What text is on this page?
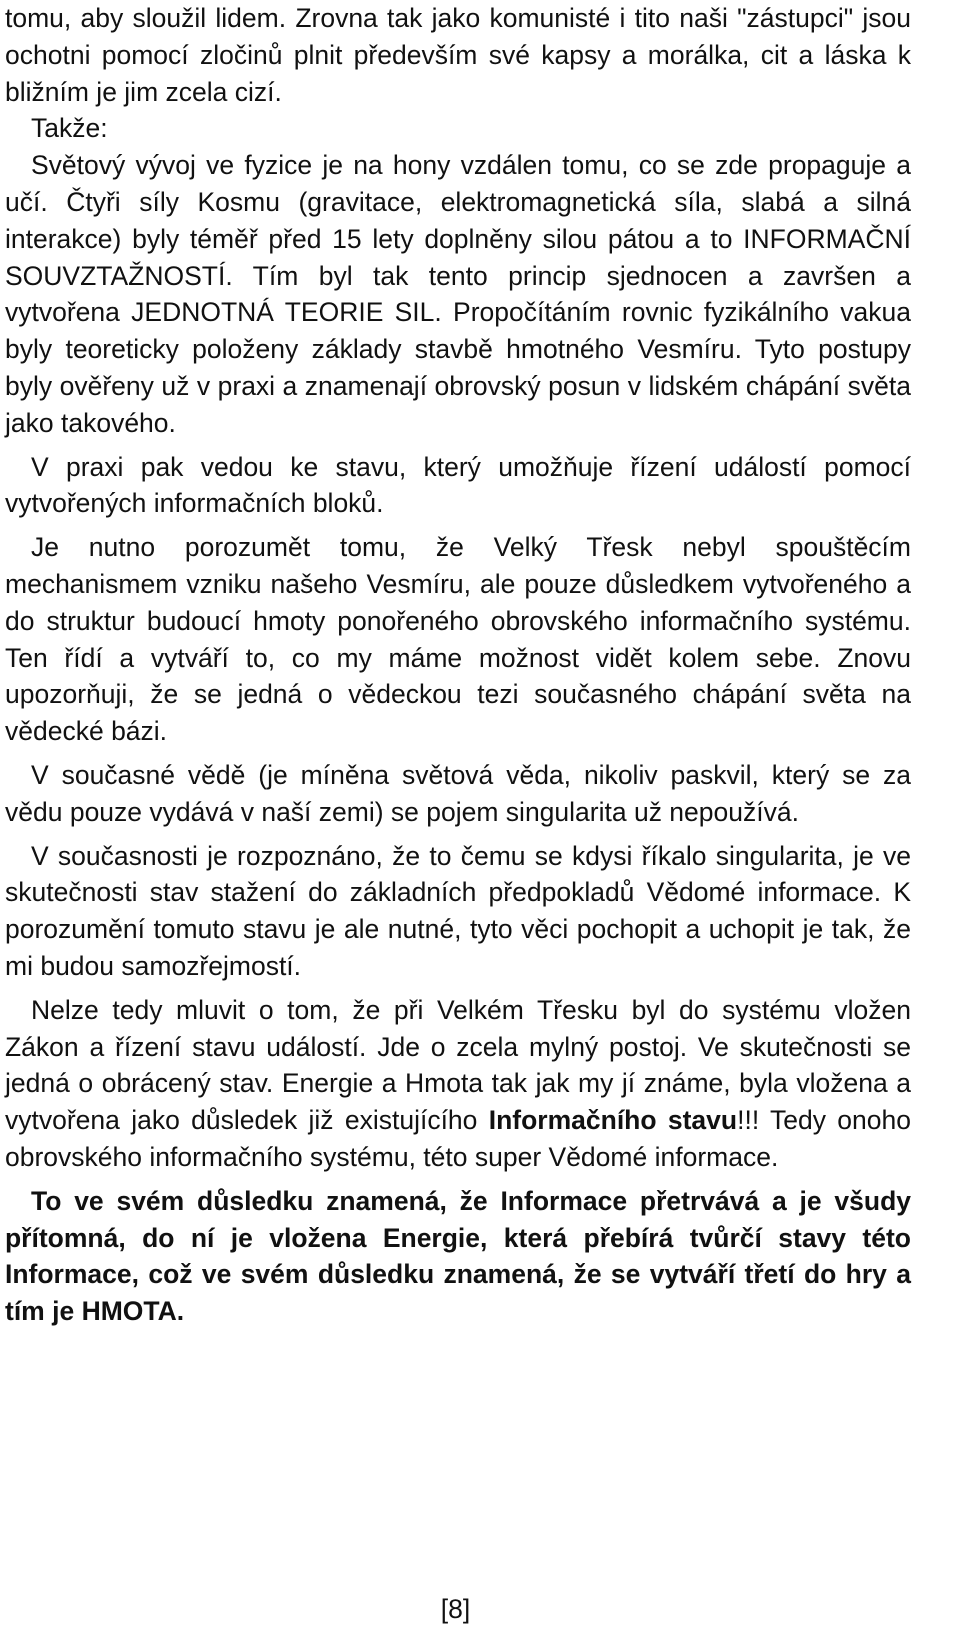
tomu, aby sloužil lidem. Zrovna tak jako komunisté i tito naši "zástupci" jsou ochotni pomocí zločinů plnit především své kapsy a morálka, cit a láska k bližním je jim zcela cizí.

Takže:

Světový vývoj ve fyzice je na hony vzdálen tomu, co se zde propaguje a učí. Čtyři síly Kosmu (gravitace, elektromagnetická síla, slabá a silná interakce) byly téměř před 15 lety doplněny silou pátou a to INFORMAČNÍ SOUVZTAŽNOSTÍ. Tím byl tak tento princip sjednocen a završen a vytvořena JEDNOTNÁ TEORIE SIL. Propočítáním rovnic fyzikálního vakua byly teoreticky položeny základy stavbě hmotného Vesmíru. Tyto postupy byly ověřeny už v praxi a znamenají obrovský posun v lidském chápání světa jako takového.

V praxi pak vedou ke stavu, který umožňuje řízení událostí pomocí vytvořených informačních bloků.

Je nutno porozumět tomu, že Velký Třesk nebyl spouštěcím mechanismem vzniku našeho Vesmíru, ale pouze důsledkem vytvořeného a do struktur budoucí hmoty ponořeného obrovského informačního systému. Ten řídí a vytváří to, co my máme možnost vidět kolem sebe. Znovu upozorňuji, že se jedná o vědeckou tezi současného chápání světa na vědecké bázi.

V současné vědě (je míněna světová věda, nikoliv paskvil, který se za vědu pouze vydává v naší zemi) se pojem singularita už nepoužívá.

V současnosti je rozpoznáno, že to čemu se kdysi říkalo singularita, je ve skutečnosti stav stažení do základních předpokladů Vědomé informace. K porozumění tomuto stavu je ale nutné, tyto věci pochopit a uchopit je tak, že mi budou samozřejmostí.

Nelze tedy mluvit o tom, že při Velkém Třesku byl do systému vložen Zákon a řízení stavu událostí. Jde o zcela mylný postoj. Ve skutečnosti se jedná o obrácený stav. Energie a Hmota tak jak my jí známe, byla vložena a vytvořena jako důsledek již existujícího Informačního stavu!!! Tedy onoho obrovského informačního systému, této super Vědomé informace.

To ve svém důsledku znamená, že Informace přetrvává a je všudy přítomná, do ní je vložena Energie, která přebírá tvůrčí stavy této Informace, což ve svém důsledku znamená, že se vytváří třetí do hry a tím je HMOTA.

[8]
